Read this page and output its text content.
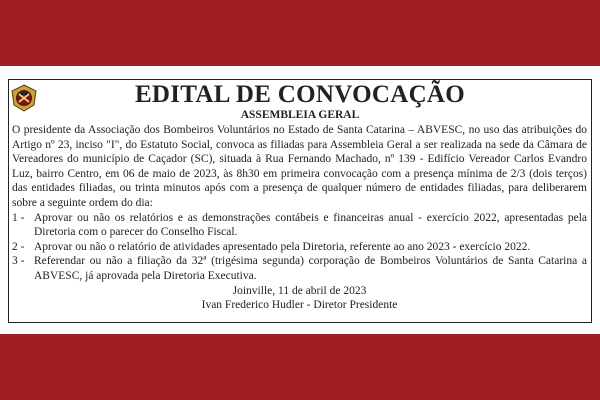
EDITAL DE CONVOCAÇÃO
ASSEMBLEIA GERAL

O presidente da Associação dos Bombeiros Voluntários no Estado de Santa Catarina – ABVESC, no uso das atribuições do Artigo nº 23, inciso "I", do Estatuto Social, convoca as filiadas para Assembleia Geral a ser realizada na sede da Câmara de Vereadores do município de Caçador (SC), situada à Rua Fernando Machado, nº 139 - Edifício Vereador Carlos Evandro Luz, bairro Centro, em 06 de maio de 2023, às 8h30 em primeira convocação com a presença mínima de 2/3 (dois terços) das entidades filiadas, ou trinta minutos após com a presença de qualquer número de entidades filiadas, para deliberarem sobre a seguinte ordem do dia:

1 - Aprovar ou não os relatórios e as demonstrações contábeis e financeiras anual - exercício 2022, apresentadas pela Diretoria com o parecer do Conselho Fiscal.
2 - Aprovar ou não o relatório de atividades apresentado pela Diretoria, referente ao ano 2023 - exercício 2022.
3 - Referendar ou não a filiação da 32ª (trigésima segunda) corporação de Bombeiros Voluntários de Santa Catarina a ABVESC, já aprovada pela Diretoria Executiva.
Joinville, 11 de abril de 2023
Ivan Frederico Hudler - Diretor Presidente
